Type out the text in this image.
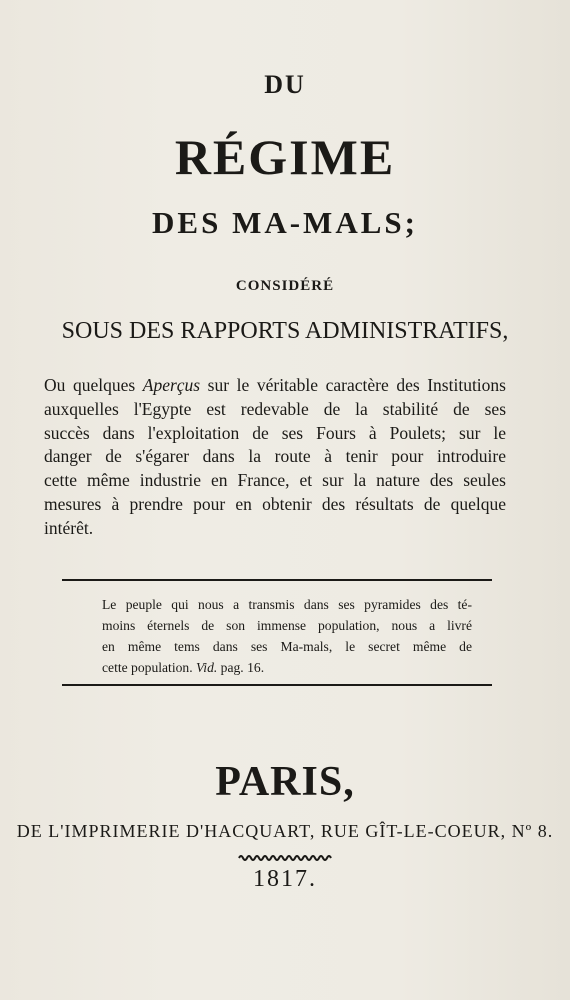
DU
RÉGIME
DES MA-MALS;
CONSIDÉRÉ
SOUS DES RAPPORTS ADMINISTRATIFS,
Ou quelques Aperçus sur le véritable caractère des Institutions
auxquelles l'Egypte est redevable de la stabilité de ses
succès dans l'exploitation de ses Fours à Poulets; sur le
danger de s'égarer dans la route à tenir pour introduire
cette même industrie en France, et sur la nature des seules
mesures à prendre pour en obtenir des résultats de quelque
intérêt.
Le peuple qui nous a transmis dans ses pyramides des té-
moins éternels de son immense population, nous a livré
en même tems dans ses Ma-mals, le secret même de
cette population. Vid. pag. 16.
PARIS,
DE L'IMPRIMERIE D'HACQUART, RUE GÎT-LE-COEUR, Nº 8.
1817.
